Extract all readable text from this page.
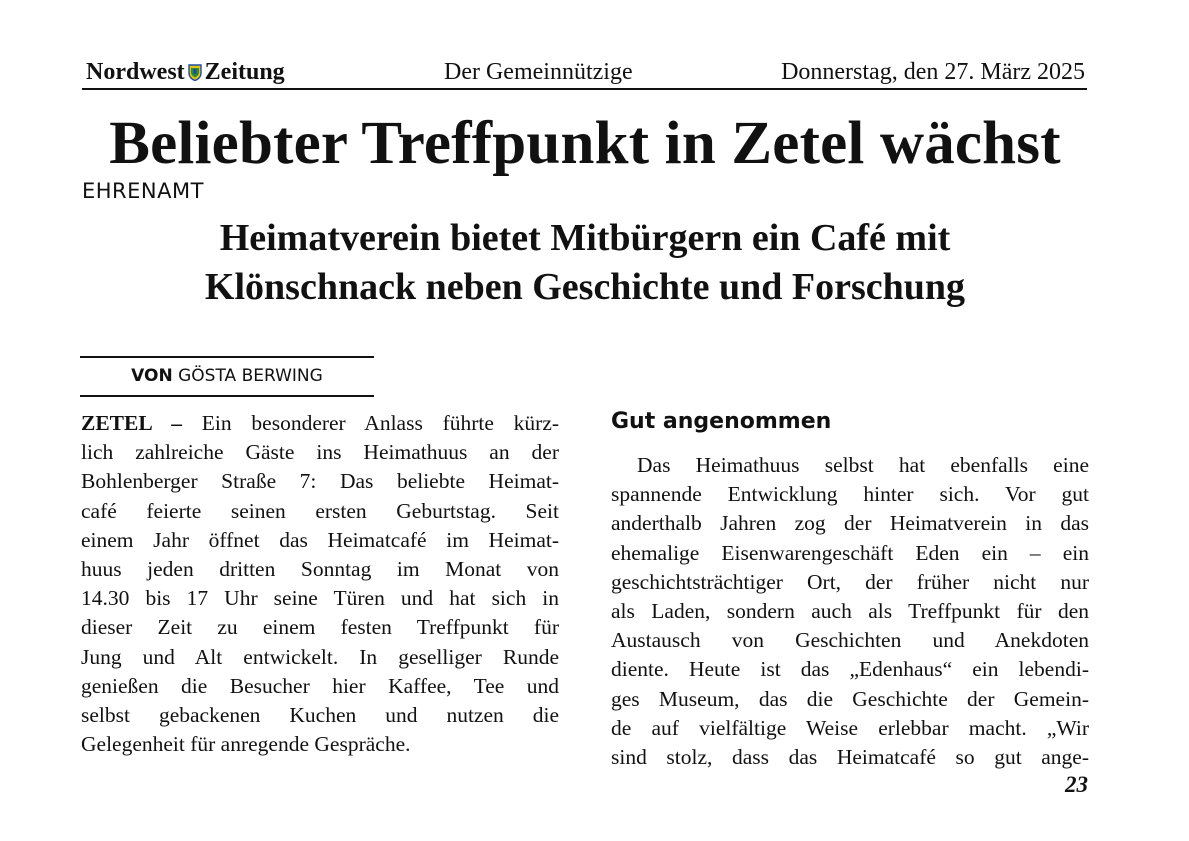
Nordwest Zeitung	Der Gemeinnützige	Donnerstag, den 27. März 2025
Beliebter Treffpunkt in Zetel wächst
EHRENAMT
Heimatverein bietet Mitbürgern ein Café mit
Klönschnack neben Geschichte und Forschung
VON GÖSTA BERWING
ZETEL – Ein besonderer Anlass führte kürz-
lich zahlreiche Gäste ins Heimathuus an der
Bohlenberger Straße 7: Das beliebte Heimat-
café feierte seinen ersten Geburtstag. Seit
einem Jahr öffnet das Heimatcafé im Heimat-
huus jeden dritten Sonntag im Monat von
14.30 bis 17 Uhr seine Türen und hat sich in
dieser Zeit zu einem festen Treffpunkt für
Jung und Alt entwickelt. In geselliger Runde
genießen die Besucher hier Kaffee, Tee und
selbst gebackenen Kuchen und nutzen die
Gelegenheit für anregende Gespräche.
Gut angenommen
Das Heimathuus selbst hat ebenfalls eine
spannende Entwicklung hinter sich. Vor gut
anderthalb Jahren zog der Heimatverein in das
ehemalige Eisenwarengeschäft Eden ein – ein
geschichtsträchtiger Ort, der früher nicht nur
als Laden, sondern auch als Treffpunkt für den
Austausch von Geschichten und Anekdoten
diente. Heute ist das „Edenhaus“ ein lebendi-
ges Museum, das die Geschichte der Gemein-
de auf vielfältige Weise erlebbar macht. „Wir
sind stolz, dass das Heimatcafé so gut ange-
23
